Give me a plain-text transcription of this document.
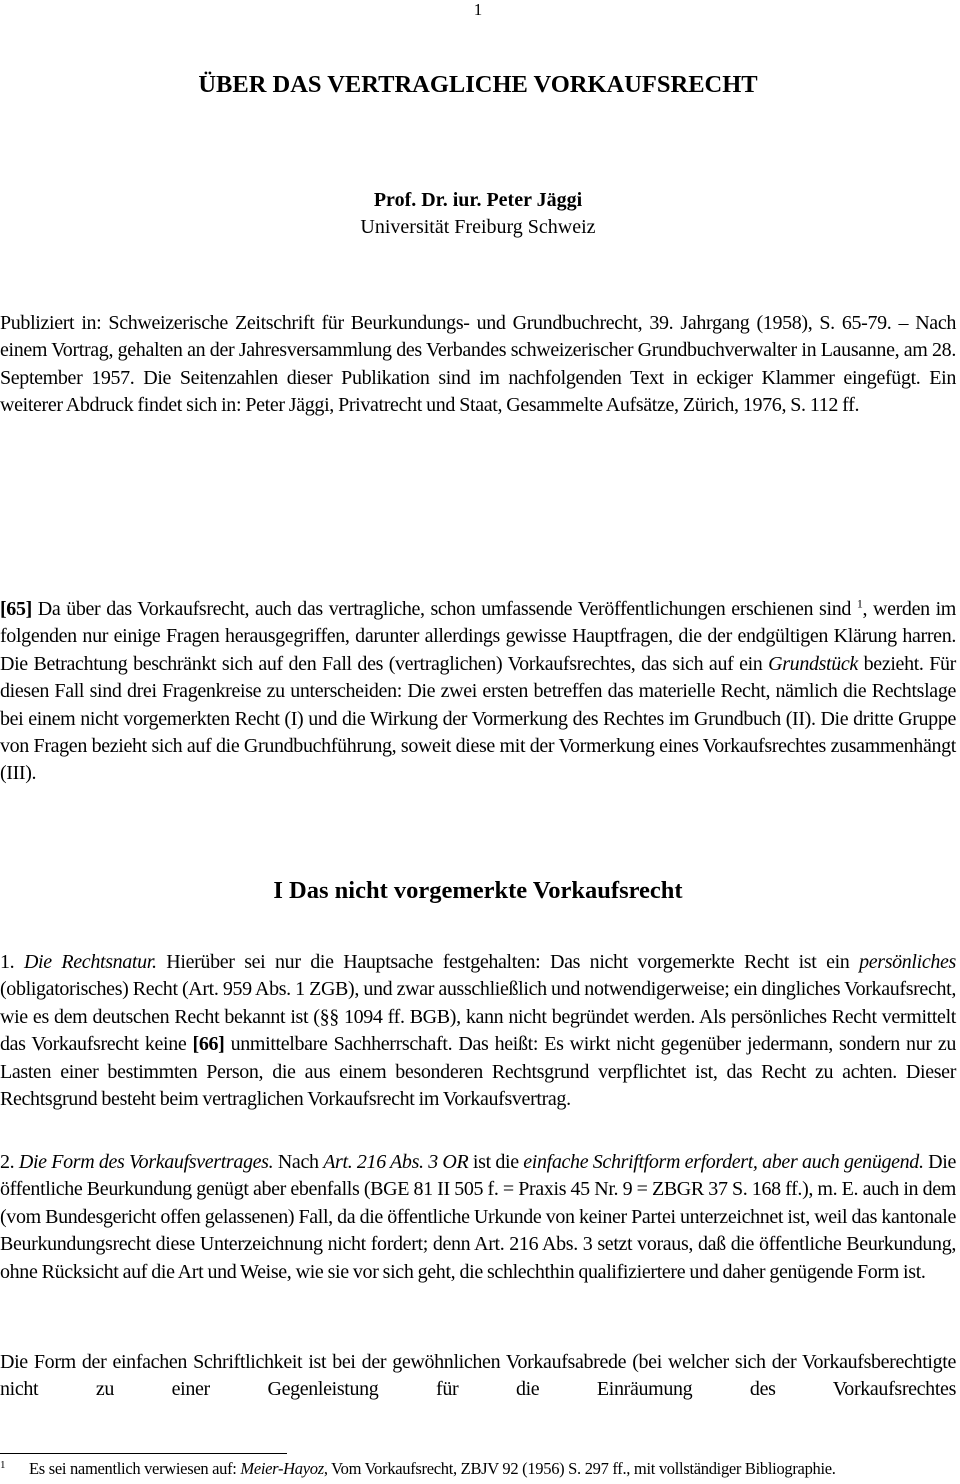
1
ÜBER DAS VERTRAGLICHE VORKAUFSRECHT
Prof. Dr. iur. Peter Jäggi
Universität Freiburg Schweiz

Publiziert in: Schweizerische Zeitschrift für Beurkundungs- und Grundbuchrecht, 39. Jahrgang (1958), S. 65-79. – Nach einem Vortrag, gehalten an der Jahresversammlung des Verbandes schweizerischer Grundbuchverwalter in Lausanne, am 28. September 1957. Die Seitenzahlen dieser Publikation sind im nachfolgenden Text in eckiger Klammer eingefügt. Ein weiterer Abdruck findet sich in: Peter Jäggi, Privatrecht und Staat, Gesammelte Aufsätze, Zürich, 1976, S. 112 ff.

[65] Da über das Vorkaufsrecht, auch das vertragliche, schon umfassende Veröffentlichungen erschienen sind $^1$, werden im folgenden nur einige Fragen herausgegriffen, darunter allerdings gewisse Hauptfragen, die der endgültigen Klärung harren. Die Betrachtung beschränkt sich auf den Fall des (vertraglichen) Vorkaufsrechtes, das sich auf ein Grundstück bezieht. Für diesen Fall sind drei Fragenkreise zu unterscheiden: Die zwei ersten betreffen das materielle Recht, nämlich die Rechtslage bei einem nicht vorgemerkten Recht (I) und die Wirkung der Vormerkung des Rechtes im Grundbuch (II). Die dritte Gruppe von Fragen bezieht sich auf die Grundbuchführung, soweit diese mit der Vormerkung eines Vorkaufsrechtes zusammenhängt (III).

I Das nicht vorgemerkte Vorkaufsrecht

1. Die Rechtsnatur. Hierüber sei nur die Hauptsache festgehalten: Das nicht vorgemerkte Recht ist ein persönliches (obligatorisches) Recht (Art. 959 Abs. 1 ZGB), und zwar ausschließlich und notwendigerweise; ein dingliches Vorkaufsrecht, wie es dem deutschen Recht bekannt ist (§§ 1094 ff. BGB), kann nicht begründet werden. Als persönliches Recht vermittelt das Vorkaufsrecht keine [66] unmittelbare Sachherrschaft. Das heißt: Es wirkt nicht gegenüber jedermann, sondern nur zu Lasten einer bestimmten Person, die aus einem besonderen Rechtsgrund verpflichtet ist, das Recht zu achten. Dieser Rechtsgrund besteht beim vertraglichen Vorkaufsrecht im Vorkaufsvertrag.

2. Die Form des Vorkaufsvertrages. Nach Art. 216 Abs. 3 OR ist die einfache Schriftform erfordert, aber auch genügend. Die öffentliche Beurkundung genügt aber ebenfalls (BGE 81 II 505 f. = Praxis 45 Nr. 9 = ZBGR 37 S. 168 ff.), m. E. auch in dem (vom Bundesgericht offen gelassenen) Fall, da die öffentliche Urkunde von keiner Partei unterzeichnet ist, weil das kantonale Beurkundungsrecht diese Unterzeichnung nicht fordert; denn Art. 216 Abs. 3 setzt voraus, daß die öffentliche Beurkundung, ohne Rücksicht auf die Art und Weise, wie sie vor sich geht, die schlechthin qualifiziertere und daher genügende Form ist.

Die Form der einfachen Schriftlichkeit ist bei der gewöhnlichen Vorkaufsabrede (bei welcher sich der Vorkaufsberechtigte nicht zu einer Gegenleistung für die Einräumung des Vorkaufsrechtes

1 Es sei namentlich verwiesen auf: Meier-Hayoz, Vom Vorkaufsrecht, ZBJV 92 (1956) S. 297 ff., mit vollständiger Bibliographie.
